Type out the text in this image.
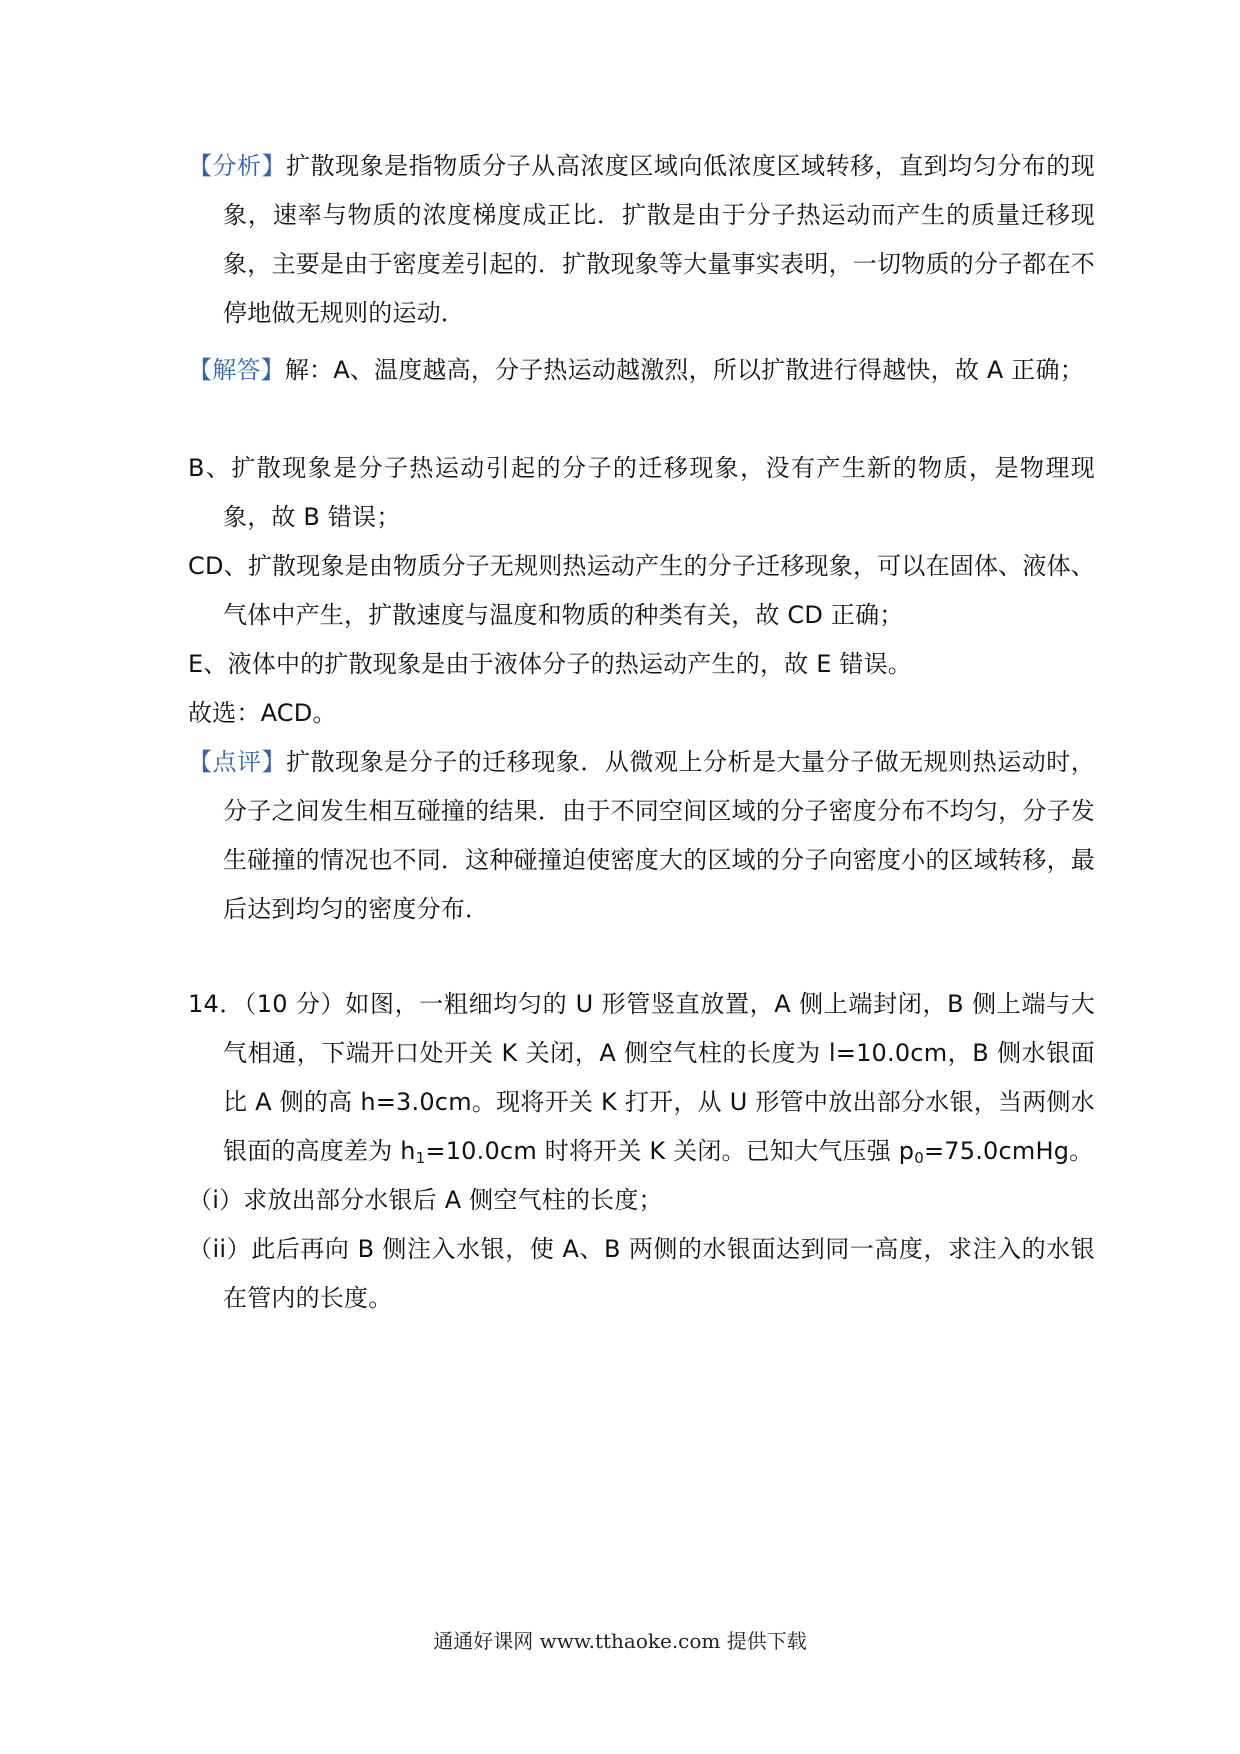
【分析】扩散现象是指物质分子从高浓度区域向低浓度区域转移，直到均匀分布的现象，速率与物质的浓度梯度成正比．扩散是由于分子热运动而产生的质量迁移现象，主要是由于密度差引起的．扩散现象等大量事实表明，一切物质的分子都在不停地做无规则的运动．

【解答】解：A、温度越高，分子热运动越激烈，所以扩散进行得越快，故 A 正确；

B、扩散现象是分子热运动引起的分子的迁移现象，没有产生新的物质，是物理现象，故 B 错误；

CD、扩散现象是由物质分子无规则热运动产生的分子迁移现象，可以在固体、液体、气体中产生，扩散速度与温度和物质的种类有关，故 CD 正确；

E、液体中的扩散现象是由于液体分子的热运动产生的，故 E 错误。

故选：ACD。

【点评】扩散现象是分子的迁移现象．从微观上分析是大量分子做无规则热运动时，分子之间发生相互碰撞的结果．由于不同空间区域的分子密度分布不均匀，分子发生碰撞的情况也不同．这种碰撞迫使密度大的区域的分子向密度小的区域转移，最后达到均匀的密度分布．

14．（10 分）如图，一粗细均匀的 U 形管竖直放置，A 侧上端封闭，B 侧上端与大气相通，下端开口处开关 K 关闭，A 侧空气柱的长度为 l=10.0cm，B 侧水银面比 A 侧的高 h=3.0cm。现将开关 K 打开，从 U 形管中放出部分水银，当两侧水银面的高度差为 $h_1=10.0cm$ 时将开关 K 关闭。已知大气压强 $p_0=75.0cmHg$。

（i）求放出部分水银后 A 侧空气柱的长度；

（ii）此后再向 B 侧注入水银，使 A、B 两侧的水银面达到同一高度，求注入的水银在管内的长度。

通通好课网 www.tthaoke.com 提供下载
